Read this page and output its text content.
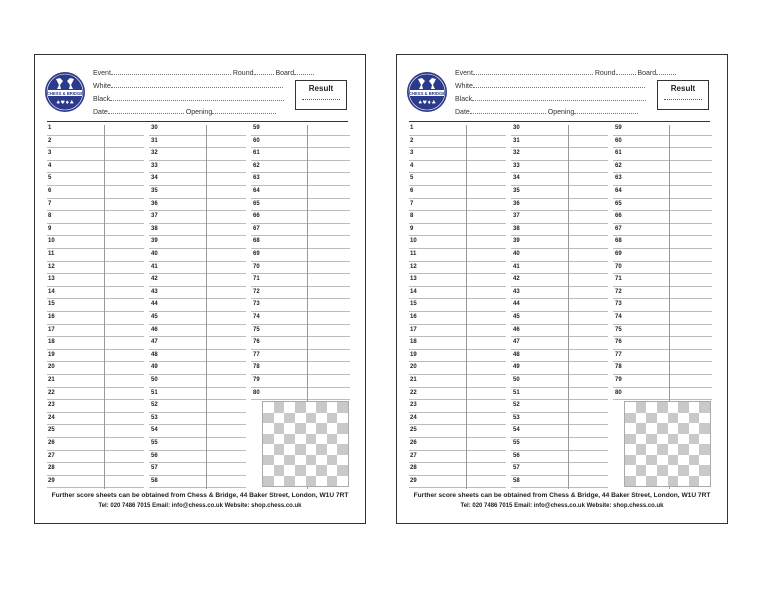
CHESS & BRIDGE
♠♥♦♣
Event	Round	Board
White
Black
Date	Opening
Result
1
2
3
4
5
6
7
8
9
10
11
12
13
14
15
16
17
18
19
20
21
22
23
24
25
26
27
28
29
30
31
32
33
34
35
36
37
38
39
40
41
42
43
44
45
46
47
48
49
50
51
52
53
54
55
56
57
58
59
60
61
62
63
64
65
66
67
68
69
70
71
72
73
74
75
76
77
78
79
80
Further score sheets can be obtained from Chess & Bridge, 44 Baker Street, London, W1U 7RT
Tel: 020 7486 7015 Email: info@chess.co.uk Website: shop.chess.co.uk
CHESS & BRIDGE
♠♥♦♣
Event	Round	Board
White
Black
Date	Opening
Result
1
2
3
4
5
6
7
8
9
10
11
12
13
14
15
16
17
18
19
20
21
22
23
24
25
26
27
28
29
30
31
32
33
34
35
36
37
38
39
40
41
42
43
44
45
46
47
48
49
50
51
52
53
54
55
56
57
58
59
60
61
62
63
64
65
66
67
68
69
70
71
72
73
74
75
76
77
78
79
80
Further score sheets can be obtained from Chess & Bridge, 44 Baker Street, London, W1U 7RT
Tel: 020 7486 7015 Email: info@chess.co.uk Website: shop.chess.co.uk
